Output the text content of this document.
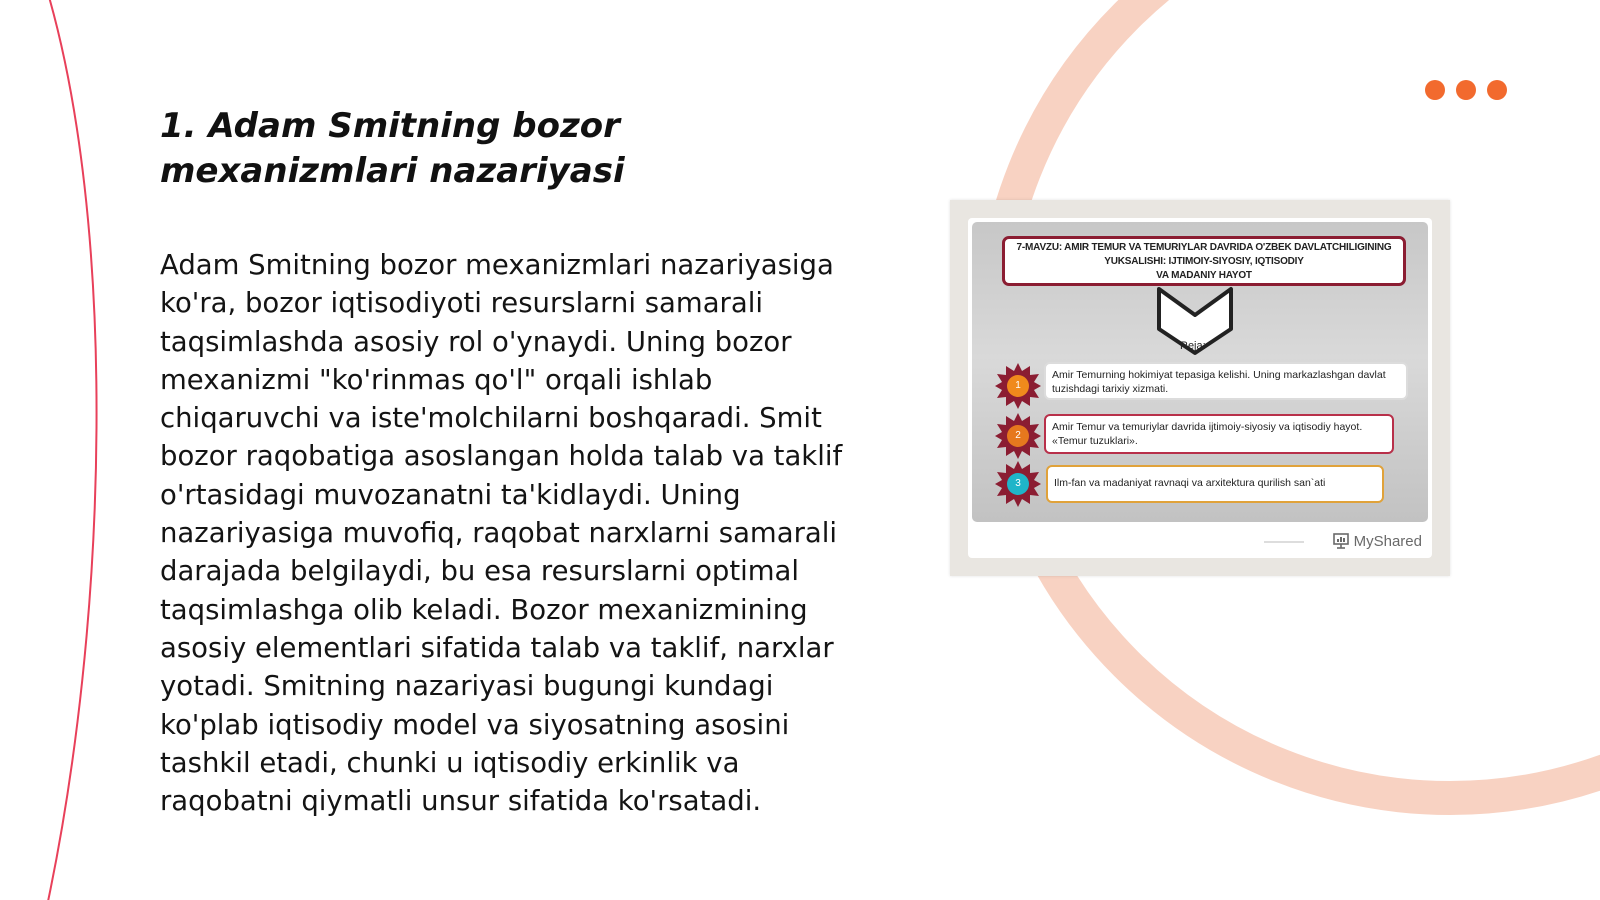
1. Adam Smitning bozor mexanizmlari nazariyasi

Adam Smitning bozor mexanizmlari nazariyasiga ko'ra, bozor iqtisodiyoti resurslarni samarali taqsimlashda asosiy rol o'ynaydi. Uning bozor mexanizmi "ko'rinmas qo'l" orqali ishlab chiqaruvchi va iste'molchilarni boshqaradi. Smit bozor raqobatiga asoslangan holda talab va taklif o'rtasidagi muvozanatni ta'kidlaydi. Uning nazariyasiga muvofiq, raqobat narxlarni samarali darajada belgilaydi, bu esa resurslarni optimal taqsimlashga olib keladi. Bozor mexanizmining asosiy elementlari sifatida talab va taklif, narxlar yotadi. Smitning nazariyasi bugungi kundagi ko'plab iqtisodiy model va siyosatning asosini tashkil etadi, chunki u iqtisodiy erkinlik va raqobatni qiymatli unsur sifatida ko'rsatadi.

7-MAVZU: AMIR TEMUR VA TEMURIYLAR DAVRIDA O'ZBEK DAVLATCHILIGINING
YUKSALISHI: IJTIMOIY-SIYOSIY, IQTISODIY
VA MADANIY HAYOT
Reja:
1
Amir Temurning hokimiyat tepasiga kelishi. Uning markazlashgan davlat tuzishdagi tarixiy xizmati.
2
Amir Temur va temuriylar davrida ijtimoiy-siyosiy va iqtisodiy hayot. «Temur tuzuklari».
3	Ilm-fan va madaniyat ravnaqi va arxitektura qurilish san`ati
MyShared
